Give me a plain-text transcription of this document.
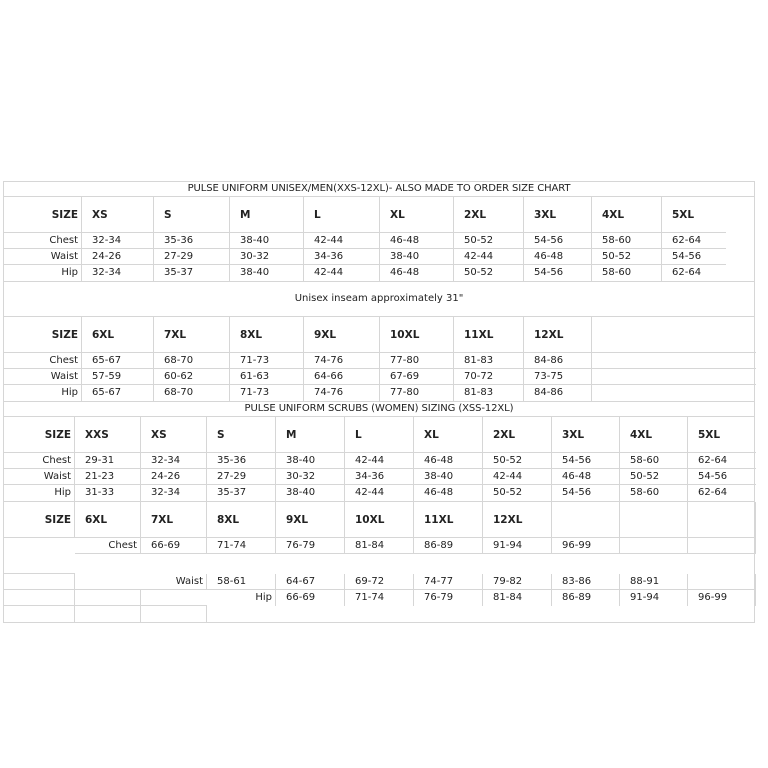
PULSE UNIFORM UNISEX/MEN(XXS-12XL)- ALSO MADE TO ORDER SIZE CHART
SIZE	XS	S	M	L	XL	2XL	3XL	4XL	5XL
Chest	32-34	35-36	38-40	42-44	46-48	50-52	54-56	58-60	62-64
Waist	24-26	27-29	30-32	34-36	38-40	42-44	46-48	50-52	54-56
Hip	32-34	35-37	38-40	42-44	46-48	50-52	54-56	58-60	62-64
Unisex inseam approximately 31"
SIZE	6XL	7XL	8XL	9XL	10XL	11XL	12XL
Chest	65-67	68-70	71-73	74-76	77-80	81-83	84-86
Waist	57-59	60-62	61-63	64-66	67-69	70-72	73-75
Hip	65-67	68-70	71-73	74-76	77-80	81-83	84-86
PULSE UNIFORM SCRUBS (WOMEN) SIZING (XSS-12XL)
SIZE	XXS	XS	S	M	L	XL	2XL	3XL	4XL	5XL
Chest	29-31	32-34	35-36	38-40	42-44	46-48	50-52	54-56	58-60	62-64
Waist	21-23	24-26	27-29	30-32	34-36	38-40	42-44	46-48	50-52	54-56
Hip	31-33	32-34	35-37	38-40	42-44	46-48	50-52	54-56	58-60	62-64
SIZE	6XL	7XL	8XL	9XL	10XL	11XL	12XL
Chest	66-69	71-74	76-79	81-84	86-89	91-94	96-99
Waist	58-61	64-67	69-72	74-77	79-82	83-86	88-91
Hip	66-69	71-74	76-79	81-84	86-89	91-94	96-99
